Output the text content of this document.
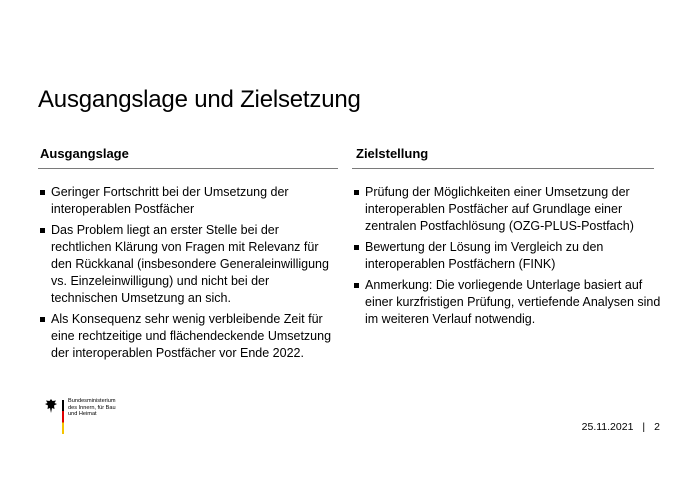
Ausgangslage und Zielsetzung
Ausgangslage
Geringer Fortschritt bei der Umsetzung der interoperablen Postfächer
Das Problem liegt an erster Stelle bei der rechtlichen Klärung von Fragen mit Relevanz für den Rückkanal (insbesondere Generaleinwilligung vs. Einzeleinwilligung) und nicht bei der technischen Umsetzung an sich.
Als Konsequenz sehr wenig verbleibende Zeit für eine rechtzeitige und flächendeckende Umsetzung der interoperablen Postfächer vor Ende 2022.
Zielstellung
Prüfung der Möglichkeiten einer Umsetzung der interoperablen Postfächer auf Grundlage einer zentralen Postfachlösung (OZG-PLUS-Postfach)
Bewertung der Lösung im Vergleich zu den interoperablen Postfächern (FINK)
Anmerkung: Die vorliegende Unterlage basiert auf einer kurzfristigen Prüfung, vertiefende Analysen sind im weiteren Verlauf notwendig.
Bundesministerium
des Innern, für Bau
und Heimat
25.11.2021 | 2
